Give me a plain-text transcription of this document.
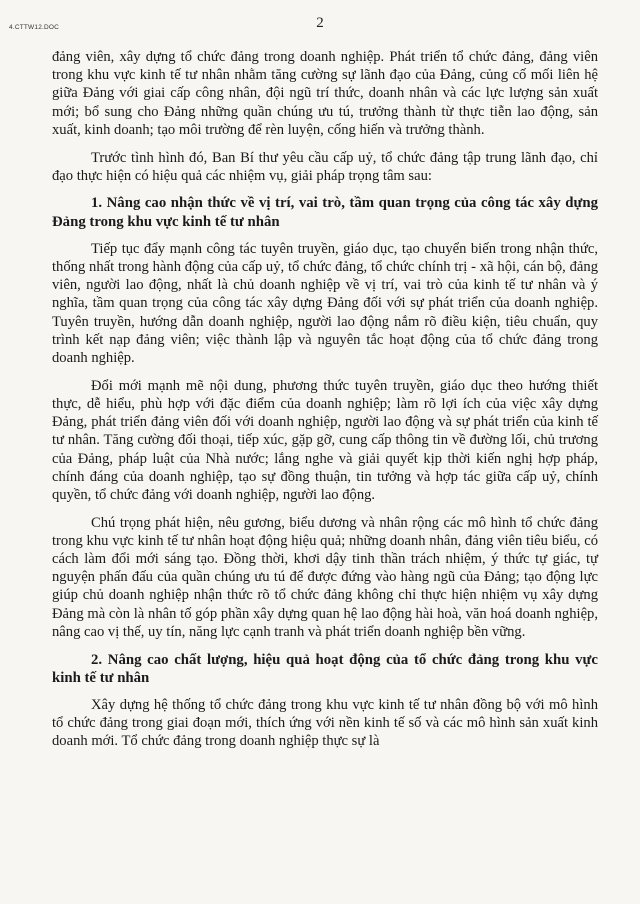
4.CTTW12.DOC	2

đảng viên, xây dựng tổ chức đảng trong doanh nghiệp. Phát triển tổ chức đảng, đảng viên trong khu vực kinh tế tư nhân nhằm tăng cường sự lãnh đạo của Đảng, củng cố mối liên hệ giữa Đảng với giai cấp công nhân, đội ngũ trí thức, doanh nhân và các lực lượng sản xuất mới; bổ sung cho Đảng những quần chúng ưu tú, trưởng thành từ thực tiễn lao động, sản xuất, kinh doanh; tạo môi trường để rèn luyện, cống hiến và trưởng thành.

Trước tình hình đó, Ban Bí thư yêu cầu cấp uỷ, tổ chức đảng tập trung lãnh đạo, chỉ đạo thực hiện có hiệu quả các nhiệm vụ, giải pháp trọng tâm sau:

1. Nâng cao nhận thức về vị trí, vai trò, tầm quan trọng của công tác xây dựng Đảng trong khu vực kinh tế tư nhân

Tiếp tục đẩy mạnh công tác tuyên truyền, giáo dục, tạo chuyển biến trong nhận thức, thống nhất trong hành động của cấp uỷ, tổ chức đảng, tổ chức chính trị - xã hội, cán bộ, đảng viên, người lao động, nhất là chủ doanh nghiệp về vị trí, vai trò của kinh tế tư nhân và ý nghĩa, tầm quan trọng của công tác xây dựng Đảng đối với sự phát triển của doanh nghiệp. Tuyên truyền, hướng dẫn doanh nghiệp, người lao động nắm rõ điều kiện, tiêu chuẩn, quy trình kết nạp đảng viên; việc thành lập và nguyên tắc hoạt động của tổ chức đảng trong doanh nghiệp.

Đổi mới mạnh mẽ nội dung, phương thức tuyên truyền, giáo dục theo hướng thiết thực, dễ hiểu, phù hợp với đặc điểm của doanh nghiệp; làm rõ lợi ích của việc xây dựng Đảng, phát triển đảng viên đối với doanh nghiệp, người lao động và sự phát triển của kinh tế tư nhân. Tăng cường đối thoại, tiếp xúc, gặp gỡ, cung cấp thông tin về đường lối, chủ trương của Đảng, pháp luật của Nhà nước; lắng nghe và giải quyết kịp thời kiến nghị hợp pháp, chính đáng của doanh nghiệp, tạo sự đồng thuận, tin tưởng và hợp tác giữa cấp uỷ, chính quyền, tổ chức đảng với doanh nghiệp, người lao động.

Chú trọng phát hiện, nêu gương, biểu dương và nhân rộng các mô hình tổ chức đảng trong khu vực kinh tế tư nhân hoạt động hiệu quả; những doanh nhân, đảng viên tiêu biểu, có cách làm đổi mới sáng tạo. Đồng thời, khơi dậy tinh thần trách nhiệm, ý thức tự giác, tự nguyện phấn đấu của quần chúng ưu tú để được đứng vào hàng ngũ của Đảng; tạo động lực giúp chủ doanh nghiệp nhận thức rõ tổ chức đảng không chỉ thực hiện nhiệm vụ xây dựng Đảng mà còn là nhân tố góp phần xây dựng quan hệ lao động hài hoà, văn hoá doanh nghiệp, nâng cao vị thế, uy tín, năng lực cạnh tranh và phát triển doanh nghiệp bền vững.

2. Nâng cao chất lượng, hiệu quả hoạt động của tổ chức đảng trong khu vực kinh tế tư nhân

Xây dựng hệ thống tổ chức đảng trong khu vực kinh tế tư nhân đồng bộ với mô hình tổ chức đảng trong giai đoạn mới, thích ứng với nền kinh tế số và các mô hình sản xuất kinh doanh mới. Tổ chức đảng trong doanh nghiệp thực sự là
